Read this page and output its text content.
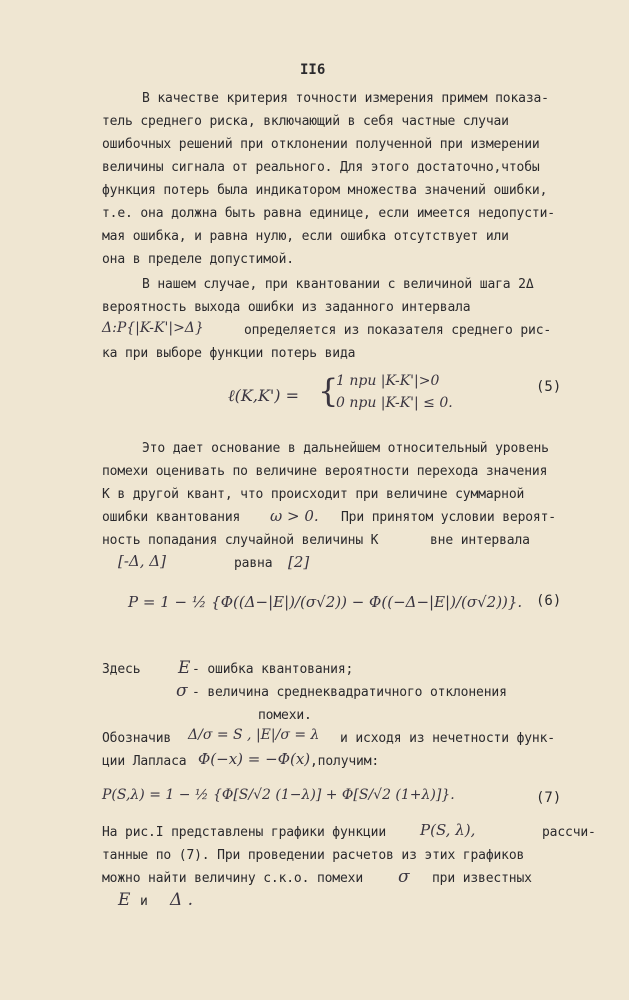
II6
В качестве критерия точности измерения примем показа-
тель среднего риска, включающий в себя частные случаи
ошибочных решений при отклонении полученной при измерении
величины сигнала от реального. Для этого достаточно,чтобы
функция потерь была индикатором множества значений ошибки,
т.е. она должна быть равна единице, если имеется недопусти-
мая ошибка, и равна нулю, если ошибка отсутствует или
она в пределе допустимой.
В нашем случае, при квантовании с величиной шага 2Δ
вероятность выхода ошибки из заданного интервала
Δ:P{|K-K'|>Δ}	определяется из показателя среднего рис-
ка при выборе функции потерь вида
ℓ(K,K') = {
1 при |K-K'|>0
0 при |K-K'| ≤ 0.
(5)
Это дает основание в дальнейшем относительный уровень
помехи оценивать по величине вероятности перехода значения
К в другой квант, что происходит при величине суммарной
ошибки квантования ω > 0. При принятом условии вероят-
ность попадания случайной величины К	вне интервала
[-Δ, Δ]	равна [2]
P = 1 − ½ {Φ((Δ−|E|)/(σ√2)) − Φ((−Δ−|E|)/(σ√2))}. (6)
Здесь E - ошибка квантования;
σ - величина среднеквадратичного отклонения
помехи.
Обозначив Δ/σ = S , |E|/σ = λ и исходя из нечетности функ-
ции Лапласа Φ(−x) = −Φ(x) ,получим:
P(S,λ) = 1 − ½ {Φ[S/√2 (1−λ)] + Φ[S/√2 (1+λ)]}.	(7)
На рис.I представлены графики функции P(S, λ),	рассчи-
танные по (7). При проведении расчетов из этих графиков
можно найти величину с.к.о. помехи σ при известных
E и Δ .
